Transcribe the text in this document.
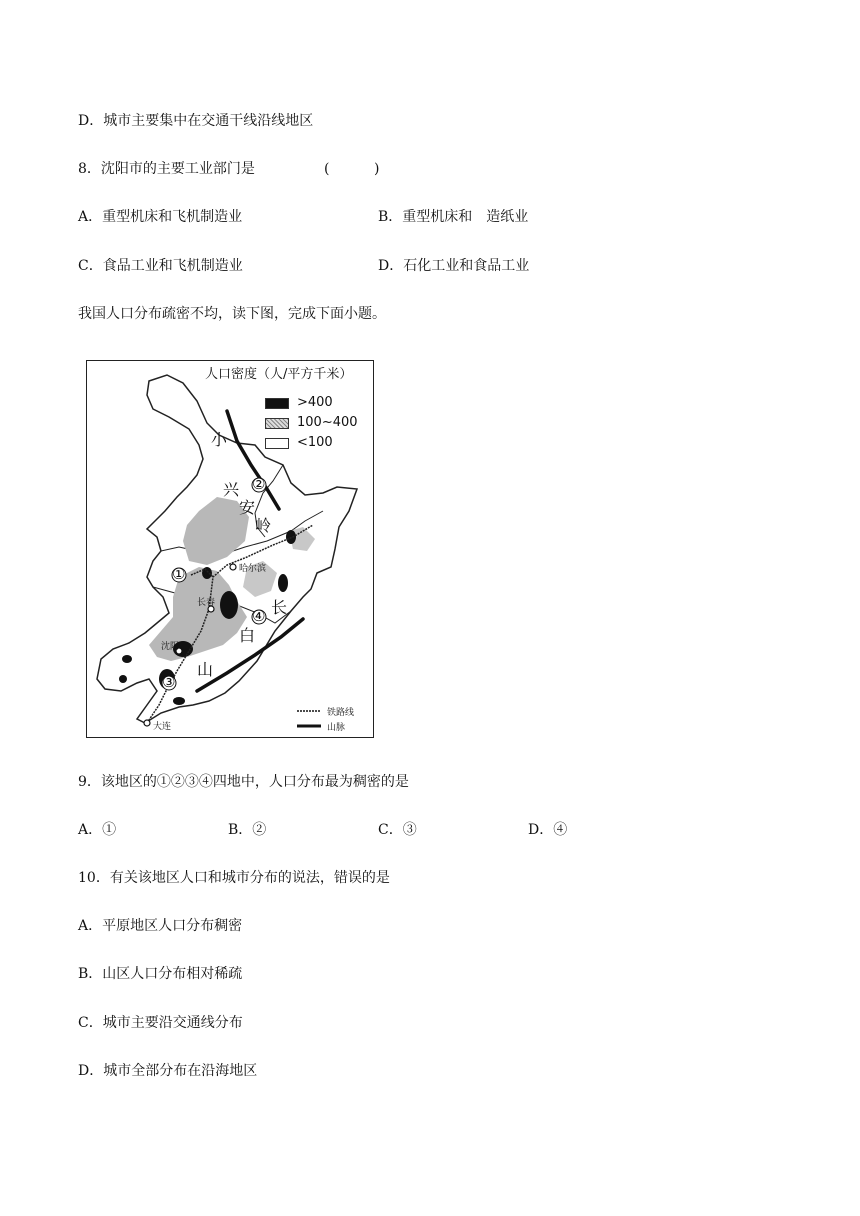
D．城市主要集中在交通干线沿线地区
8．沈阳市的主要工业部门是	(          )
A．重型机床和飞机制造业	B．重型机床和　造纸业
C．食品工业和飞机制造业	D．石化工业和食品工业
我国人口分布疏密不均，读下图，完成下面小题。
人口密度（人/平方千米）
>400
100~400
<100
小
兴
安
岭
长
白
山
①
②
③
④
哈尔滨
长春
沈阳
大连
铁路线
山脉
9．该地区的①②③④四地中，人口分布最为稠密的是
A．①	B．②	C．③	D．④
10．有关该地区人口和城市分布的说法，错误的是
A．平原地区人口分布稠密
B．山区人口分布相对稀疏
C．城市主要沿交通线分布
D．城市全部分布在沿海地区
